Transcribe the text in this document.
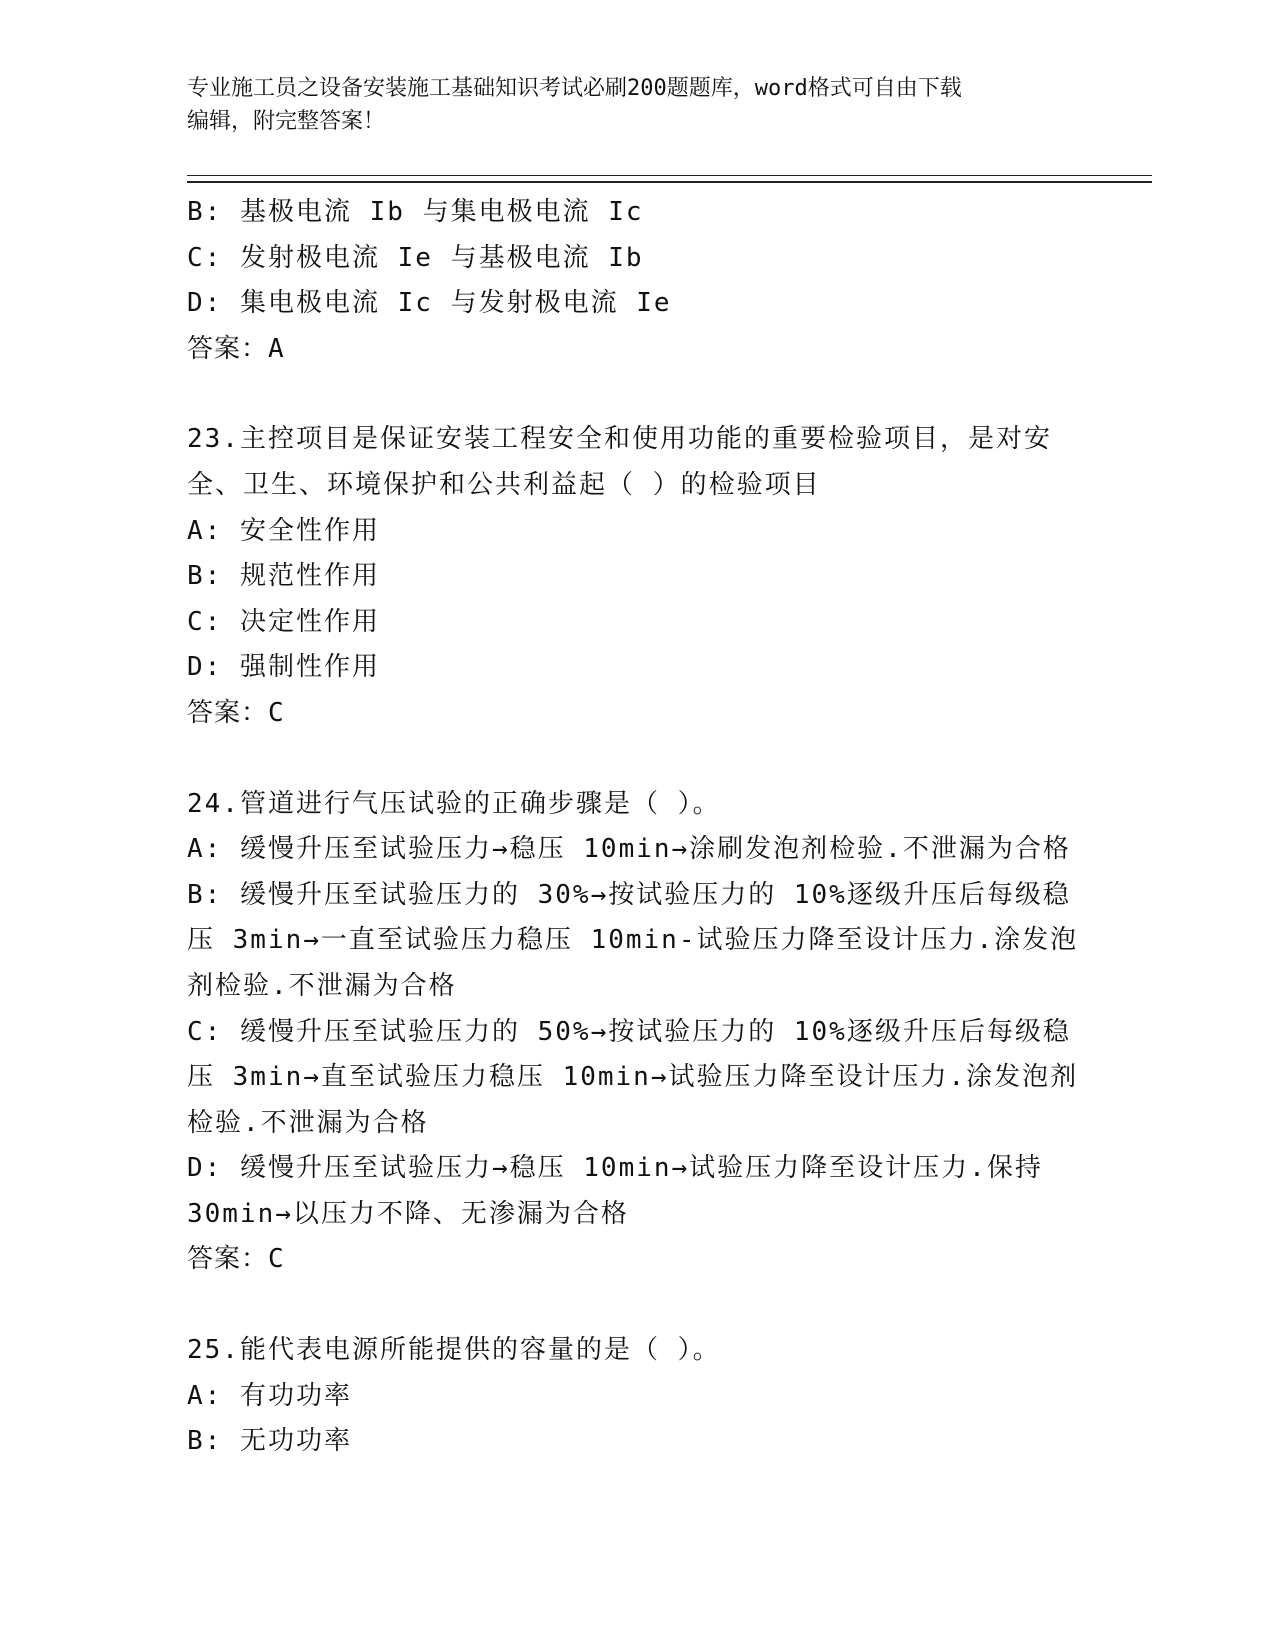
专业施工员之设备安装施工基础知识考试必刷200题题库，word格式可自由下载
编辑，附完整答案！
B: 基极电流 Ib 与集电极电流 Ic
C: 发射极电流 Ie 与基极电流 Ib
D: 集电极电流 Ic 与发射极电流 Ie
答案：A
23.主控项目是保证安装工程安全和使用功能的重要检验项目，是对安
全、卫生、环境保护和公共利益起（ ）的检验项目
A: 安全性作用
B: 规范性作用
C: 决定性作用
D: 强制性作用
答案：C
24.管道进行气压试验的正确步骤是（ ）。
A: 缓慢升压至试验压力→稳压 10min→涂刷发泡剂检验.不泄漏为合格
B: 缓慢升压至试验压力的 30%→按试验压力的 10%逐级升压后每级稳
压 3min→一直至试验压力稳压 10min-试验压力降至设计压力.涂发泡
剂检验.不泄漏为合格
C: 缓慢升压至试验压力的 50%→按试验压力的 10%逐级升压后每级稳
压 3min→直至试验压力稳压 10min→试验压力降至设计压力.涂发泡剂
检验.不泄漏为合格
D: 缓慢升压至试验压力→稳压 10min→试验压力降至设计压力.保持
30min→以压力不降、无渗漏为合格
答案：C
25.能代表电源所能提供的容量的是（ ）。
A: 有功功率
B: 无功功率
